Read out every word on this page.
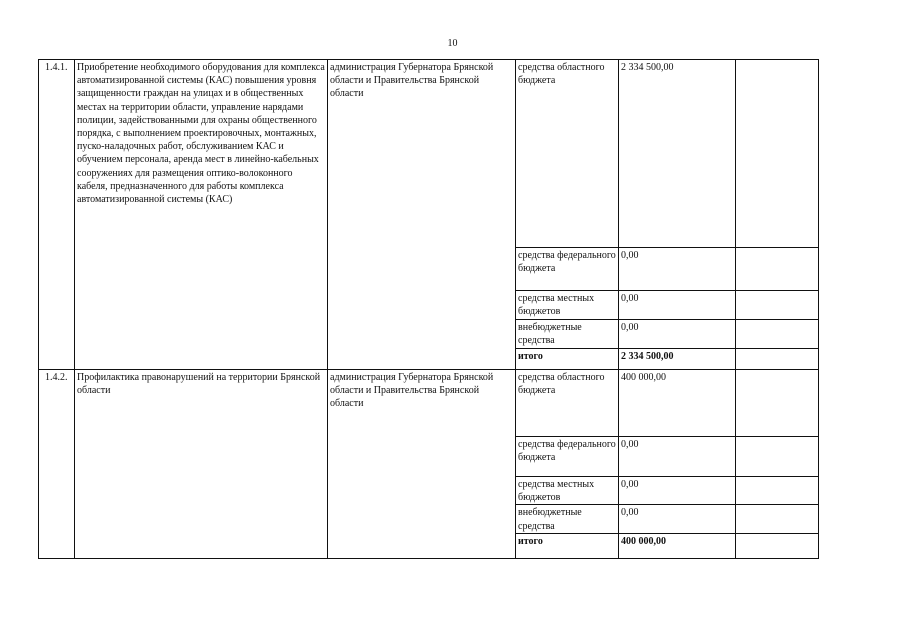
10
1.4.1.	Приобретение необходимого оборудования для комплекса автоматизированной системы (КАС) повышения уровня защищенности граждан на улицах и в общественных местах на территории области, управление нарядами полиции, задействованными для охраны общественного порядка, с выполнением проектировочных, монтажных, пуско-наладочных работ, обслуживанием КАС и обучением персонала, аренда мест в линейно-кабельных сооружениях для размещения оптико-волоконного кабеля, предназначенного для работы комплекса автоматизированной системы (КАС)	администрация Губернатора Брянской области и Правительства Брянской области	средства областного бюджета	2 334 500,00	
			средства федерального бюджета	0,00	
			средства местных бюджетов	0,00	
			внебюджетные средства	0,00	
			итого	2 334 500,00	
1.4.2.	Профилактика правонарушений на территории Брянской области	администрация Губернатора Брянской области и Правительства Брянской области	средства областного бюджета	400 000,00	
			средства федерального бюджета	0,00	
			средства местных бюджетов	0,00	
			внебюджетные средства	0,00	
			итого	400 000,00	
